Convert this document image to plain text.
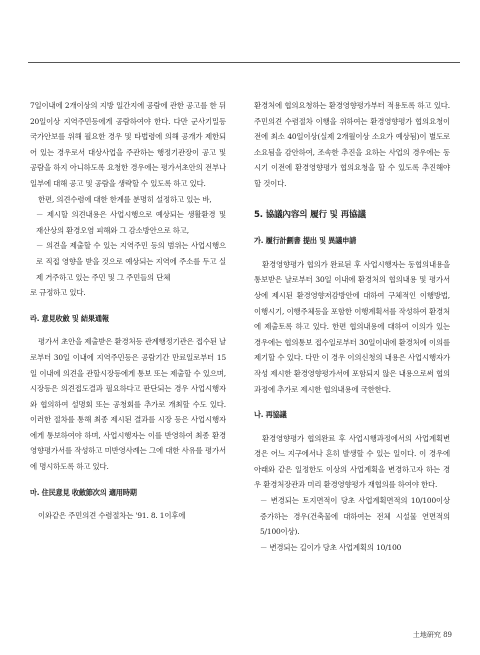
7일이내에 2개이상의 지방 일간지에 공람에 관한 공고를 한 뒤 20일이상 지역주민등에게 공람하여야 한다. 다만 군사기밀등 국가안보를 위해 필요한 경우 및 타법령에 의해 공개가 제한되어 있는 경우로서 대상사업을 주관하는 행정기관장이 공고 및 공람을 하지 아니하도록 요청한 경우에는 평가서초안의 전부나 일부에 대해 공고 및 공람을 생략할 수 있도록 하고 있다.

한편, 의견수렴에 대한 한계를 분명히 설정하고 있는 바,

－ 제시할 의견내용은 사업시행으로 예상되는 생활환경 및 재산상의 환경오염 피해와 그 감소방안으로 하고,

－ 의견을 제출할 수 있는 지역주민 등의 범위는 사업시행으로 직접 영향을 받을 것으로 예상되는 지역에 주소를 두고 실제 거주하고 있는 주민 및 그 주민들의 단체

로 규정하고 있다.

라. 意見收斂 및 結果通報

평가서 초안을 제출받은 환경처등 관계행정기관은 접수된 날로부터 30일 이내에 지역주민등은 공람기간 만료일로부터 15일 이내에 의견을 관할시장등에게 통보 또는 제출할 수 있으며, 시장등은 의견접도결과 필요하다고 판단되는 경우 사업시행자와 협의하여 설명회 또는 공청회를 추가로 개최할 수도 있다. 이러한 절차를 통해 최종 제시된 결과를 시장 등은 사업시행자에게 통보하여야 하며, 사업시행자는 이를 반영하여 최종 환경영향평가서를 작성하고 미반영사례는 그에 대한 사유를 평가서에 명시하도록 하고 있다.

마. 住民意見 收斂節次의 適用時期

이와같은 주민의견 수렴절차는 '91. 8. 1이후에

환경처에 협의요청하는 환경영향평가부터 적용토록 하고 있다. 주민의견 수렴절차 이행을 위하여는 환경영향평가 협의요청이전에 최소 40일이상(실제 2개월이상 소요가 예상됨)이 별도로 소요됨을 감안하여, 조속한 추진을 요하는 사업의 경우에는 동시기 이전에 환경영향평가 협의요청을 할 수 있도록 추진해야 할 것이다.

5. 協議內容의 履行 및 再協議
가. 履行計劃書 提出 및 異議申請

환경영향평가 협의가 완료된 후 사업시행자는 동협의내용을 통보받은 날로부터 30일 이내에 환경처의 협의내용 및 평가서상에 제시된 환경영향저감방안에 대하여 구체적인 이행방법, 이행시기, 이행주체등을 포함한 이행계획서를 작성하여 환경처에 제출토록 하고 있다. 한편 협의내용에 대하여 이의가 있는 경우에는 협의통보 접수일로부터 30일이내에 환경처에 이의를 제기할 수 있다. 다만 이 경우 이의신청의 내용은 사업시행자가 작성 제시한 환경영향평가서에 포함되지 않은 내용으로써 협의과정에 추가로 제시한 협의내용에 국한한다.

나. 再協議

환경영향평가 협의완료 후 사업시행과정에서의 사업계획변경은 어느 지구에서나 흔히 발생할 수 있는 일이다. 이 경우에 아래와 같은 일정한도 이상의 사업계획을 변경하고자 하는 경우 환경처장관과 미리 환경영향평가 재협의를 하여야 한다.

－ 변경되는 토지면적이 당초 사업계획면적의 10/100이상 증가하는 경우(건축물에 대하여는 전체 시설물 연면적의 5/100이상).

－ 변경되는 길이가 당초 사업계획의 10/100

土地硏究 89
